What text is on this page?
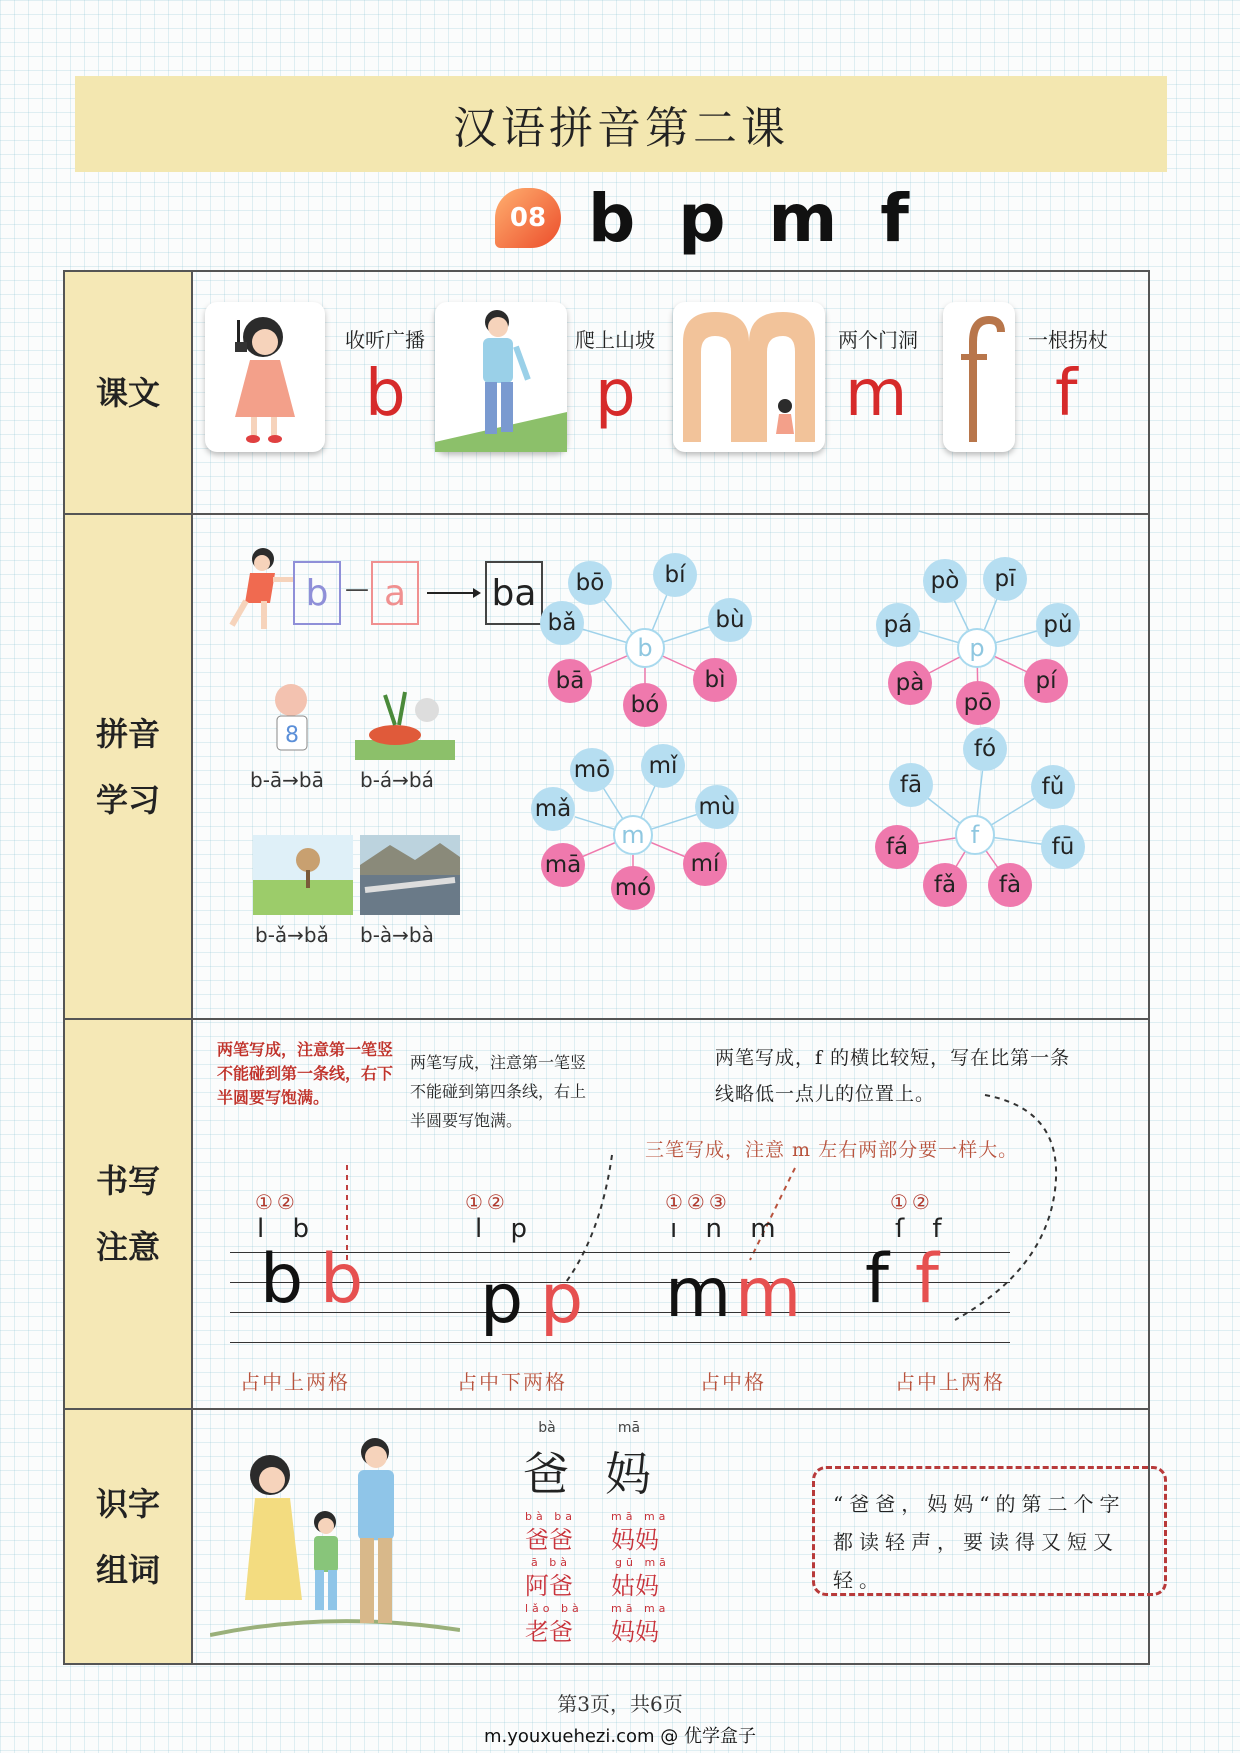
汉语拼音第二课
08 b p m f
课文
收听广播
b
爬上山坡
p
两个门洞
m
一根拐杖
f
拼音学习
b — a	ba
8
b-ā→bā b-á→bá
b-ǎ→bǎ b-à→bà
bō	bí
bǎ	bù
bā
bó
bì
b
pò	pī
pá	pǔ
pà
pō
pí
p
mō	mǐ
mǎ	mù
mā
mó
mí
m
fó
fā	fǔ
fū
fá
fǎ	fà
f
书写注意
两笔写成，注意第一笔竖不能碰到第一条线，右下半圆要写饱满。
两笔写成，注意第一笔竖不能碰到第四条线，右上半圆要写饱满。
两笔写成，f 的横比较短，写在比第一条线略低一点儿的位置上。
三笔写成，注意 m 左右两部分要一样大。
①②
l b
①②
l p
①②③
ı n m
①②
ſ f
b b p p m m f f
占中上两格	占中下两格	占中格	占中上两格
识字组词
bà
爸
mā
妈
bà ba
爸爸
mā ma
妈妈
ā bà
阿爸
gū mā
姑妈
lǎo bà
老爸
mā ma
妈妈
“爸爸，妈妈“的第二个字都读轻声，要读得又短又轻。
第3页，共6页
m.youxuehezi.com @ 优学盒子
